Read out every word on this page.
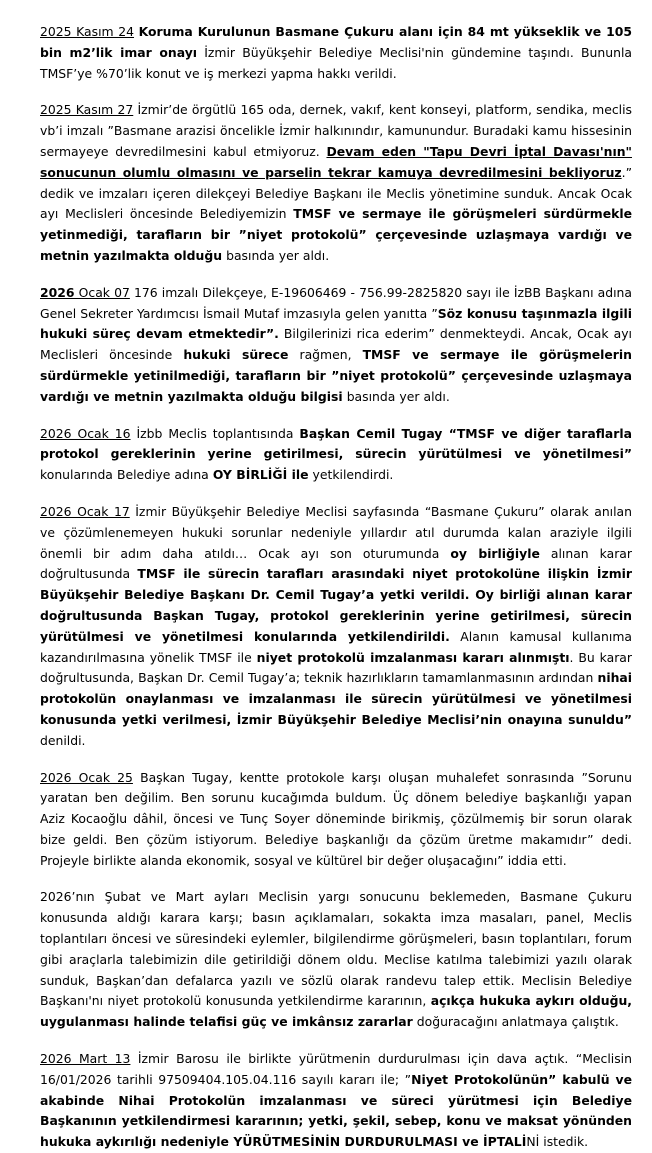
2025 Kasım 24 Koruma Kurulunun Basmane Çukuru alanı için 84 mt yükseklik ve 105 bin m2’lik imar onayı İzmir Büyükşehir Belediye Meclisi'nin gündemine taşındı. Bununla TMSF’ye %70’lik konut ve iş merkezi yapma hakkı verildi.

2025 Kasım 27 İzmir’de örgütlü 165 oda, dernek, vakıf, kent konseyi, platform, sendika, meclis vb’i imzalı ”Basmane arazisi öncelikle İzmir halkınındır, kamunundur. Buradaki kamu hissesinin sermayeye devredilmesini kabul etmiyoruz. Devam eden "Tapu Devri İptal Davası'nın" sonucunun olumlu olmasını ve parselin tekrar kamuya devredilmesini bekliyoruz.” dedik ve imzaları içeren dilekçeyi Belediye Başkanı ile Meclis yönetimine sunduk. Ancak Ocak ayı Meclisleri öncesinde Belediyemizin TMSF ve sermaye ile görüşmeleri sürdürmekle yetinmediği, tarafların bir ”niyet protokolü” çerçevesinde uzlaşmaya vardığı ve metnin yazılmakta olduğu basında yer aldı.

2026 Ocak 07 176 imzalı Dilekçeye, E-19606469 - 756.99-2825820 sayı ile İzBB Başkanı adına Genel Sekreter Yardımcısı İsmail Mutaf imzasıyla gelen yanıtta ”Söz konusu taşınmazla ilgili hukuki süreç devam etmektedir”. Bilgilerinizi rica ederim” denmekteydi. Ancak, Ocak ayı Meclisleri öncesinde hukuki sürece rağmen, TMSF ve sermaye ile görüşmelerin sürdürmekle yetinilmediği, tarafların bir ”niyet protokolü” çerçevesinde uzlaşmaya vardığı ve metnin yazılmakta olduğu bilgisi basında yer aldı.

2026 Ocak 16 İzbb Meclis toplantısında Başkan Cemil Tugay “TMSF ve diğer taraflarla protokol gereklerinin yerine getirilmesi, sürecin yürütülmesi ve yönetilmesi” konularında Belediye adına OY BİRLİĞİ ile yetkilendirdi.

2026 Ocak 17 İzmir Büyükşehir Belediye Meclisi sayfasında “Basmane Çukuru” olarak anılan ve çözümlenemeyen hukuki sorunlar nedeniyle yıllardır atıl durumda kalan araziyle ilgili önemli bir adım daha atıldı… Ocak ayı son oturumunda oy birliğiyle alınan karar doğrultusunda TMSF ile sürecin tarafları arasındaki niyet protokolüne ilişkin İzmir Büyükşehir Belediye Başkanı Dr. Cemil Tugay’a yetki verildi. Oy birliği alınan karar doğrultusunda Başkan Tugay, protokol gereklerinin yerine getirilmesi, sürecin yürütülmesi ve yönetilmesi konularında yetkilendirildi. Alanın kamusal kullanıma kazandırılmasına yönelik TMSF ile niyet protokolü imzalanması kararı alınmıştı. Bu karar doğrultusunda, Başkan Dr. Cemil Tugay’a; teknik hazırlıkların tamamlanmasının ardından nihai protokolün onaylanması ve imzalanması ile sürecin yürütülmesi ve yönetilmesi konusunda yetki verilmesi, İzmir Büyükşehir Belediye Meclisi’nin onayına sunuldu” denildi.

2026 Ocak 25 Başkan Tugay, kentte protokole karşı oluşan muhalefet sonrasında ”Sorunu yaratan ben değilim. Ben sorunu kucağımda buldum. Üç dönem belediye başkanlığı yapan Aziz Kocaoğlu dâhil, öncesi ve Tunç Soyer döneminde birikmiş, çözülmemiş bir sorun olarak bize geldi. Ben çözüm istiyorum. Belediye başkanlığı da çözüm üretme makamıdır” dedi. Projeyle birlikte alanda ekonomik, sosyal ve kültürel bir değer oluşacağını” iddia etti.

2026’nın Şubat ve Mart ayları Meclisin yargı sonucunu beklemeden, Basmane Çukuru konusunda aldığı karara karşı; basın açıklamaları, sokakta imza masaları, panel, Meclis toplantıları öncesi ve süresindeki eylemler, bilgilendirme görüşmeleri, basın toplantıları, forum gibi araçlarla talebimizin dile getirildiği dönem oldu. Meclise katılma talebimizi yazılı olarak sunduk, Başkan’dan defalarca yazılı ve sözlü olarak randevu talep ettik. Meclisin Belediye Başkanı'nı niyet protokolü konusunda yetkilendirme kararının, açıkça hukuka aykırı olduğu, uygulanması halinde telafisi güç ve imkânsız zararlar doğuracağını anlatmaya çalıştık.

2026 Mart 13 İzmir Barosu ile birlikte yürütmenin durdurulması için dava açtık. “Meclisin 16/01/2026 tarihli 97509404.105.04.116 sayılı kararı ile; ”Niyet Protokolünün” kabulü ve akabinde Nihai Protokolün imzalanması ve süreci yürütmesi için Belediye Başkanının yetkilendirmesi kararının; yetki, şekil, sebep, konu ve maksat yönünden hukuka aykırılığı nedeniyle YÜRÜTMESİNİN DURDURULMASI ve İPTALİNİ istedik.
